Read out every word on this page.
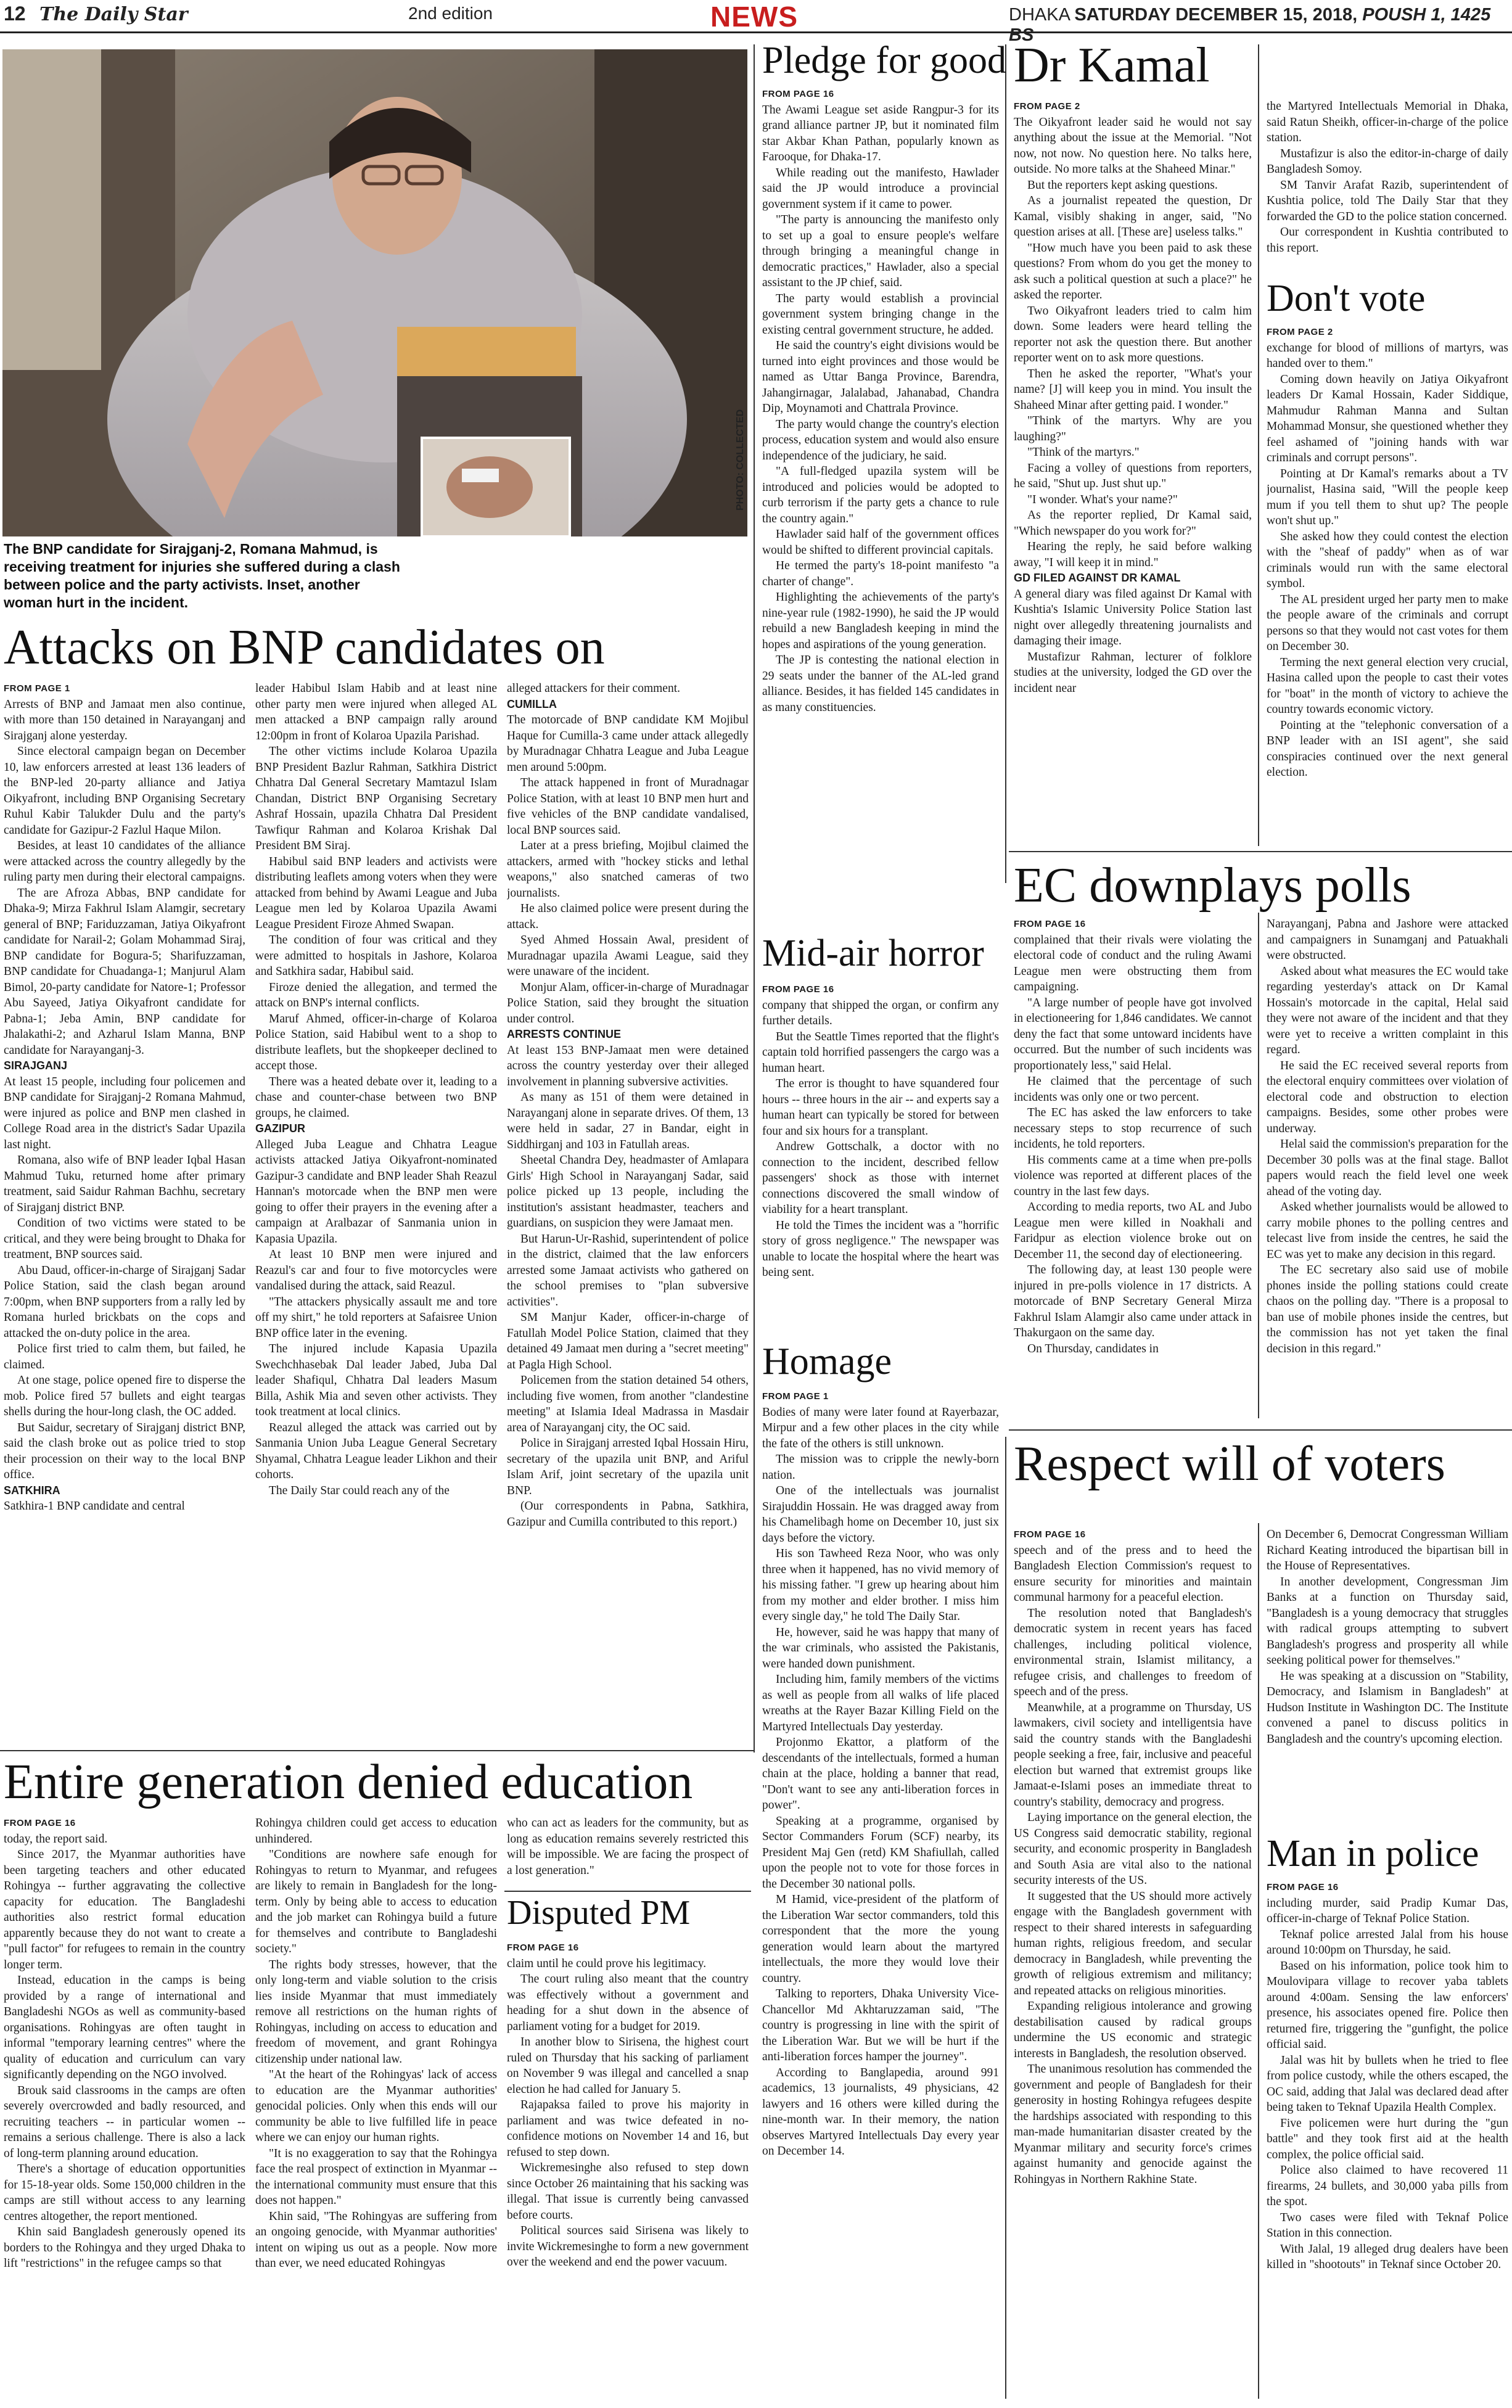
12 The Daily Star	2nd edition	NEWS	DHAKA SATURDAY DECEMBER 15, 2018, POUSH 1, 1425 BS
The BNP candidate for Sirajganj-2, Romana Mahmud, is receiving treatment for injuries she suffered during a clash between police and the party activists. Inset, another woman hurt in the incident.
PHOTO: COLLECTED
Attacks on BNP candidates on

FROM PAGE 1

Arrests of BNP and Jamaat men also continue, with more than 150 detained in Narayanganj and Sirajganj alone yesterday.

Since electoral campaign began on December 10, law enforcers arrested at least 136 leaders of the BNP-led 20-party alliance and Jatiya Oikyafront, including BNP Organising Secretary Ruhul Kabir Talukder Dulu and the party's candidate for Gazipur-2 Fazlul Haque Milon.

Besides, at least 10 candidates of the alliance were attacked across the country allegedly by the ruling party men during their electoral campaigns.

The are Afroza Abbas, BNP candidate for Dhaka-9; Mirza Fakhrul Islam Alamgir, secretary general of BNP; Fariduzzaman, Jatiya Oikyafront candidate for Narail-2; Golam Mohammad Siraj, BNP candidate for Bogura-5; Sharifuzzaman, BNP candidate for Chuadanga-1; Manjurul Alam Bimol, 20-party candidate for Natore-1; Professor Abu Sayeed, Jatiya Oikyafront candidate for Pabna-1; Jeba Amin, BNP candidate for Jhalakathi-2; and Azharul Islam Manna, BNP candidate for Narayanganj-3.

SIRAJGANJ

At least 15 people, including four policemen and BNP candidate for Sirajganj-2 Romana Mahmud, were injured as police and BNP men clashed in College Road area in the district's Sadar Upazila last night.

Romana, also wife of BNP leader Iqbal Hasan Mahmud Tuku, returned home after primary treatment, said Saidur Rahman Bachhu, secretary of Sirajganj district BNP.

Condition of two victims were stated to be critical, and they were being brought to Dhaka for treatment, BNP sources said.

Abu Daud, officer-in-charge of Sirajganj Sadar Police Station, said the clash began around 7:00pm, when BNP supporters from a rally led by Romana hurled brickbats on the cops and attacked the on-duty police in the area.

Police first tried to calm them, but failed, he claimed.

At one stage, police opened fire to disperse the mob. Police fired 57 bullets and eight teargas shells during the hour-long clash, the OC added.

But Saidur, secretary of Sirajganj district BNP, said the clash broke out as police tried to stop their procession on their way to the local BNP office.

SATKHIRA

Satkhira-1 BNP candidate and central

leader Habibul Islam Habib and at least nine other party men were injured when alleged AL men attacked a BNP campaign rally around 12:00pm in front of Kolaroa Upazila Parishad.

The other victims include Kolaroa Upazila BNP President Bazlur Rahman, Satkhira District Chhatra Dal General Secretary Mamtazul Islam Chandan, District BNP Organising Secretary Ashraf Hossain, upazila Chhatra Dal President Tawfiqur Rahman and Kolaroa Krishak Dal President BM Siraj.

Habibul said BNP leaders and activists were distributing leaflets among voters when they were attacked from behind by Awami League and Juba League men led by Kolaroa Upazila Awami League President Firoze Ahmed Swapan.

The condition of four was critical and they were admitted to hospitals in Jashore, Kolaroa and Satkhira sadar, Habibul said.

Firoze denied the allegation, and termed the attack on BNP's internal conflicts.

Maruf Ahmed, officer-in-charge of Kolaroa Police Station, said Habibul went to a shop to distribute leaflets, but the shopkeeper declined to accept those.

There was a heated debate over it, leading to a chase and counter-chase between two BNP groups, he claimed.

GAZIPUR

Alleged Juba League and Chhatra League activists attacked Jatiya Oikyafront-nominated Gazipur-3 candidate and BNP leader Shah Reazul Hannan's motorcade when the BNP men were going to offer their prayers in the evening after a campaign at Aralbazar of Sanmania union in Kapasia Upazila.

At least 10 BNP men were injured and Reazul's car and four to five motorcycles were vandalised during the attack, said Reazul.

"The attackers physically assault me and tore off my shirt," he told reporters at Safaisree Union BNP office later in the evening.

The injured include Kapasia Upazila Swechchhasebak Dal leader Jabed, Juba Dal leader Shafiqul, Chhatra Dal leaders Masum Billa, Ashik Mia and seven other activists. They took treatment at local clinics.

Reazul alleged the attack was carried out by Sanmania Union Juba League General Secretary Shyamal, Chhatra League leader Likhon and their cohorts.

The Daily Star could reach any of the

alleged attackers for their comment.

CUMILLA

The motorcade of BNP candidate KM Mojibul Haque for Cumilla-3 came under attack allegedly by Muradnagar Chhatra League and Juba League men around 5:00pm.

The attack happened in front of Muradnagar Police Station, with at least 10 BNP men hurt and five vehicles of the BNP candidate vandalised, local BNP sources said.

Later at a press briefing, Mojibul claimed the attackers, armed with "hockey sticks and lethal weapons," also snatched cameras of two journalists.

He also claimed police were present during the attack.

Syed Ahmed Hossain Awal, president of Muradnagar upazila Awami League, said they were unaware of the incident.

Monjur Alam, officer-in-charge of Muradnagar Police Station, said they brought the situation under control.

ARRESTS CONTINUE

At least 153 BNP-Jamaat men were detained across the country yesterday over their alleged involvement in planning subversive activities.

As many as 151 of them were detained in Narayanganj alone in separate drives. Of them, 13 were held in sadar, 27 in Bandar, eight in Siddhirganj and 103 in Fatullah areas.

Sheetal Chandra Dey, headmaster of Amlapara Girls' High School in Narayanganj Sadar, said police picked up 13 people, including the institution's assistant headmaster, teachers and guardians, on suspicion they were Jamaat men.

But Harun-Ur-Rashid, superintendent of police in the district, claimed that the law enforcers arrested some Jamaat activists who gathered on the school premises to "plan subversive activities".

SM Manjur Kader, officer-in-charge of Fatullah Model Police Station, claimed that they detained 49 Jamaat men during a "secret meeting" at Pagla High School.

Policemen from the station detained 54 others, including five women, from another "clandestine meeting" at Islamia Ideal Madrassa in Masdair area of Narayanganj city, the OC said.

Police in Sirajganj arrested Iqbal Hossain Hiru, secretary of the upazila unit BNP, and Ariful Islam Arif, joint secretary of the upazila unit BNP.

(Our correspondents in Pabna, Satkhira, Gazipur and Cumilla contributed to this report.)

Pledge for good

FROM PAGE 16

The Awami League set aside Rangpur-3 for its grand alliance partner JP, but it nominated film star Akbar Khan Pathan, popularly known as Farooque, for Dhaka-17.

While reading out the manifesto, Hawlader said the JP would introduce a provincial government system if it came to power.

"The party is announcing the manifesto only to set up a goal to ensure people's welfare through bringing a meaningful change in democratic practices," Hawlader, also a special assistant to the JP chief, said.

The party would establish a provincial government system bringing change in the existing central government structure, he added.

He said the country's eight divisions would be turned into eight provinces and those would be named as Uttar Banga Province, Barendra, Jahangirnagar, Jalalabad, Jahanabad, Chandra Dip, Moynamoti and Chattrala Province.

The party would change the country's election process, education system and would also ensure independence of the judiciary, he said.

"A full-fledged upazila system will be introduced and policies would be adopted to curb terrorism if the party gets a chance to rule the country again."

Hawlader said half of the government offices would be shifted to different provincial capitals.

He termed the party's 18-point manifesto "a charter of change".

Highlighting the achievements of the party's nine-year rule (1982-1990), he said the JP would rebuild a new Bangladesh keeping in mind the hopes and aspirations of the young generation.

The JP is contesting the national election in 29 seats under the banner of the AL-led grand alliance. Besides, it has fielded 145 candidates in as many constituencies.

Dr Kamal

FROM PAGE 2

The Oikyafront leader said he would not say anything about the issue at the Memorial. "Not now, not now. No question here. No talks here, outside. No more talks at the Shaheed Minar."

But the reporters kept asking questions.

As a journalist repeated the question, Dr Kamal, visibly shaking in anger, said, "No question arises at all. [These are] useless talks."

"How much have you been paid to ask these questions? From whom do you get the money to ask such a political question at such a place?" he asked the reporter.

Two Oikyafront leaders tried to calm him down. Some leaders were heard telling the reporter not ask the question there. But another reporter went on to ask more questions.

Then he asked the reporter, "What's your name? [J] will keep you in mind. You insult the Shaheed Minar after getting paid. I wonder."

"Think of the martyrs. Why are you laughing?"

"Think of the martyrs."

Facing a volley of questions from reporters, he said, "Shut up. Just shut up."

"I wonder. What's your name?"

As the reporter replied, Dr Kamal said, "Which newspaper do you work for?"

Hearing the reply, he said before walking away, "I will keep it in mind."

GD FILED AGAINST DR KAMAL

A general diary was filed against Dr Kamal with Kushtia's Islamic University Police Station last night over allegedly threatening journalists and damaging their image.

Mustafizur Rahman, lecturer of folklore studies at the university, lodged the GD over the incident near

the Martyred Intellectuals Memorial in Dhaka, said Ratun Sheikh, officer-in-charge of the police station.

Mustafizur is also the editor-in-charge of daily Bangladesh Somoy.

SM Tanvir Arafat Razib, superintendent of Kushtia police, told The Daily Star that they forwarded the GD to the police station concerned.

Our correspondent in Kushtia contributed to this report.

Don't vote

FROM PAGE 2

exchange for blood of millions of martyrs, was handed over to them."

Coming down heavily on Jatiya Oikyafront leaders Dr Kamal Hossain, Kader Siddique, Mahmudur Rahman Manna and Sultan Mohammad Monsur, she questioned whether they feel ashamed of "joining hands with war criminals and corrupt persons".

Pointing at Dr Kamal's remarks about a TV journalist, Hasina said, "Will the people keep mum if you tell them to shut up? The people won't shut up."

She asked how they could contest the election with the "sheaf of paddy" when as of war criminals would run with the same electoral symbol.

The AL president urged her party men to make the people aware of the criminals and corrupt persons so that they would not cast votes for them on December 30.

Terming the next general election very crucial, Hasina called upon the people to cast their votes for "boat" in the month of victory to achieve the country towards economic victory.

Pointing at the "telephonic conversation of a BNP leader with an ISI agent", she said conspiracies continued over the next general election.

Mid-air horror

FROM PAGE 16

company that shipped the organ, or confirm any further details.

But the Seattle Times reported that the flight's captain told horrified passengers the cargo was a human heart.

The error is thought to have squandered four hours -- three hours in the air -- and experts say a human heart can typically be stored for between four and six hours for a transplant.

Andrew Gottschalk, a doctor with no connection to the incident, described fellow passengers' shock as those with internet connections discovered the small window of viability for a heart transplant.

He told the Times the incident was a "horrific story of gross negligence." The newspaper was unable to locate the hospital where the heart was being sent.

Homage

FROM PAGE 1

Bodies of many were later found at Rayerbazar, Mirpur and a few other places in the city while the fate of the others is still unknown.

The mission was to cripple the newly-born nation.

One of the intellectuals was journalist Sirajuddin Hossain. He was dragged away from his Chamelibagh home on December 10, just six days before the victory.

His son Tawheed Reza Noor, who was only three when it happened, has no vivid memory of his missing father. "I grew up hearing about him from my mother and elder brother. I miss him every single day," he told The Daily Star.

He, however, said he was happy that many of the war criminals, who assisted the Pakistanis, were handed down punishment.

Including him, family members of the victims as well as people from all walks of life placed wreaths at the Rayer Bazar Killing Field on the Martyred Intellectuals Day yesterday.

Projonmo Ekattor, a platform of the descendants of the intellectuals, formed a human chain at the place, holding a banner that read, "Don't want to see any anti-liberation forces in power".

Speaking at a programme, organised by Sector Commanders Forum (SCF) nearby, its President Maj Gen (retd) KM Shafiullah, called upon the people not to vote for those forces in the December 30 national polls.

M Hamid, vice-president of the platform of the Liberation War sector commanders, told this correspondent that the more the young generation would learn about the martyred intellectuals, the more they would love their country.

Talking to reporters, Dhaka University Vice-Chancellor Md Akhtaruzzaman said, "The country is progressing in line with the spirit of the Liberation War. But we will be hurt if the anti-liberation forces hamper the journey".

According to Banglapedia, around 991 academics, 13 journalists, 49 physicians, 42 lawyers and 16 others were killed during the nine-month war. In their memory, the nation observes Martyred Intellectuals Day every year on December 14.

EC downplays polls

FROM PAGE 16

complained that their rivals were violating the electoral code of conduct and the ruling Awami League men were obstructing them from campaigning.

"A large number of people have got involved in electioneering for 1,846 candidates. We cannot deny the fact that some untoward incidents have occurred. But the number of such incidents was proportionately less," said Helal.

He claimed that the percentage of such incidents was only one or two percent.

The EC has asked the law enforcers to take necessary steps to stop recurrence of such incidents, he told reporters.

His comments came at a time when pre-polls violence was reported at different places of the country in the last few days.

According to media reports, two AL and Jubo League men were killed in Noakhali and Faridpur as election violence broke out on December 11, the second day of electioneering.

The following day, at least 130 people were injured in pre-polls violence in 17 districts. A motorcade of BNP Secretary General Mirza Fakhrul Islam Alamgir also came under attack in Thakurgaon on the same day.

On Thursday, candidates in

Narayanganj, Pabna and Jashore were attacked and campaigners in Sunamganj and Patuakhali were obstructed.

Asked about what measures the EC would take regarding yesterday's attack on Dr Kamal Hossain's motorcade in the capital, Helal said they were not aware of the incident and that they were yet to receive a written complaint in this regard.

He said the EC received several reports from the electoral enquiry committees over violation of electoral code and obstruction to election campaigns. Besides, some other probes were underway.

Helal said the commission's preparation for the December 30 polls was at the final stage. Ballot papers would reach the field level one week ahead of the voting day.

Asked whether journalists would be allowed to carry mobile phones to the polling centres and telecast live from inside the centres, he said the EC was yet to make any decision in this regard.

The EC secretary also said use of mobile phones inside the polling stations could create chaos on the polling day. "There is a proposal to ban use of mobile phones inside the centres, but the commission has not yet taken the final decision in this regard."

Respect will of voters

FROM PAGE 16

speech and of the press and to heed the Bangladesh Election Commission's request to ensure security for minorities and maintain communal harmony for a peaceful election.

The resolution noted that Bangladesh's democratic system in recent years has faced challenges, including political violence, environmental strain, Islamist militancy, a refugee crisis, and challenges to freedom of speech and of the press.

Meanwhile, at a programme on Thursday, US lawmakers, civil society and intelligentsia have said the country stands with the Bangladeshi people seeking a free, fair, inclusive and peaceful election but warned that extremist groups like Jamaat-e-Islami poses an immediate threat to country's stability, democracy and progress.

Laying importance on the general election, the US Congress said democratic stability, regional security, and economic prosperity in Bangladesh and South Asia are vital also to the national security interests of the US.

It suggested that the US should more actively engage with the Bangladesh government with respect to their shared interests in safeguarding human rights, religious freedom, and secular democracy in Bangladesh, while preventing the growth of religious extremism and militancy; and repeated attacks on religious minorities.

Expanding religious intolerance and growing destabilisation caused by radical groups undermine the US economic and strategic interests in Bangladesh, the resolution observed.

The unanimous resolution has commended the government and people of Bangladesh for their generosity in hosting Rohingya refugees despite the hardships associated with responding to this man-made humanitarian disaster created by the Myanmar military and security force's crimes against humanity and genocide against the Rohingyas in Northern Rakhine State.

On December 6, Democrat Congressman William Richard Keating introduced the bipartisan bill in the House of Representatives.

In another development, Congressman Jim Banks at a function on Thursday said, "Bangladesh is a young democracy that struggles with radical groups attempting to subvert Bangladesh's progress and prosperity all while seeking political power for themselves."

He was speaking at a discussion on "Stability, Democracy, and Islamism in Bangladesh" at Hudson Institute in Washington DC. The Institute convened a panel to discuss politics in Bangladesh and the country's upcoming election.

Man in police

FROM PAGE 16

including murder, said Pradip Kumar Das, officer-in-charge of Teknaf Police Station.

Teknaf police arrested Jalal from his house around 10:00pm on Thursday, he said.

Based on his information, police took him to Moulovipara village to recover yaba tablets around 4:00am. Sensing the law enforcers' presence, his associates opened fire. Police then returned fire, triggering the "gunfight, the police official said.

Jalal was hit by bullets when he tried to flee from police custody, while the others escaped, the OC said, adding that Jalal was declared dead after being taken to Teknaf Upazila Health Complex.

Five policemen were hurt during the "gun battle" and they took first aid at the health complex, the police official said.

Police also claimed to have recovered 11 firearms, 24 bullets, and 30,000 yaba pills from the spot.

Two cases were filed with Teknaf Police Station in this connection.

With Jalal, 19 alleged drug dealers have been killed in "shootouts" in Teknaf since October 20.

Entire generation denied education

FROM PAGE 16

today, the report said.

Since 2017, the Myanmar authorities have been targeting teachers and other educated Rohingya -- further aggravating the collective capacity for education. The Bangladeshi authorities also restrict formal education apparently because they do not want to create a "pull factor" for refugees to remain in the country longer term.

Instead, education in the camps is being provided by a range of international and Bangladeshi NGOs as well as community-based organisations. Rohingyas are often taught in informal "temporary learning centres" where the quality of education and curriculum can vary significantly depending on the NGO involved.

Brouk said classrooms in the camps are often severely overcrowded and badly resourced, and recruiting teachers -- in particular women -- remains a serious challenge. There is also a lack of long-term planning around education.

There's a shortage of education opportunities for 15-18-year olds. Some 150,000 children in the camps are still without access to any learning centres altogether, the report mentioned.

Khin said Bangladesh generously opened its borders to the Rohingya and they urged Dhaka to lift "restrictions" in the refugee camps so that

Rohingya children could get access to education unhindered.

"Conditions are nowhere safe enough for Rohingyas to return to Myanmar, and refugees are likely to remain in Bangladesh for the long-term. Only by being able to access to education and the job market can Rohingya build a future for themselves and contribute to Bangladeshi society."

The rights body stresses, however, that the only long-term and viable solution to the crisis lies inside Myanmar that must immediately remove all restrictions on the human rights of Rohingyas, including on access to education and freedom of movement, and grant Rohingya citizenship under national law.

"At the heart of the Rohingyas' lack of access to education are the Myanmar authorities' genocidal policies. Only when this ends will our community be able to live fulfilled life in peace where we can enjoy our human rights.

"It is no exaggeration to say that the Rohingya face the real prospect of extinction in Myanmar -- the international community must ensure that this does not happen."

Khin said, "The Rohingyas are suffering from an ongoing genocide, with Myanmar authorities' intent on wiping us out as a people. Now more than ever, we need educated Rohingyas

who can act as leaders for the community, but as long as education remains severely restricted this will be impossible. We are facing the prospect of a lost generation."

Disputed PM

FROM PAGE 16

claim until he could prove his legitimacy.

The court ruling also meant that the country was effectively without a government and heading for a shut down in the absence of parliament voting for a budget for 2019.

In another blow to Sirisena, the highest court ruled on Thursday that his sacking of parliament on November 9 was illegal and cancelled a snap election he had called for January 5.

Rajapaksa failed to prove his majority in parliament and was twice defeated in no-confidence motions on November 14 and 16, but refused to step down.

Wickremesinghe also refused to step down since October 26 maintaining that his sacking was illegal. That issue is currently being canvassed before courts.

Political sources said Sirisena was likely to invite Wickremesinghe to form a new government over the weekend and end the power vacuum.
